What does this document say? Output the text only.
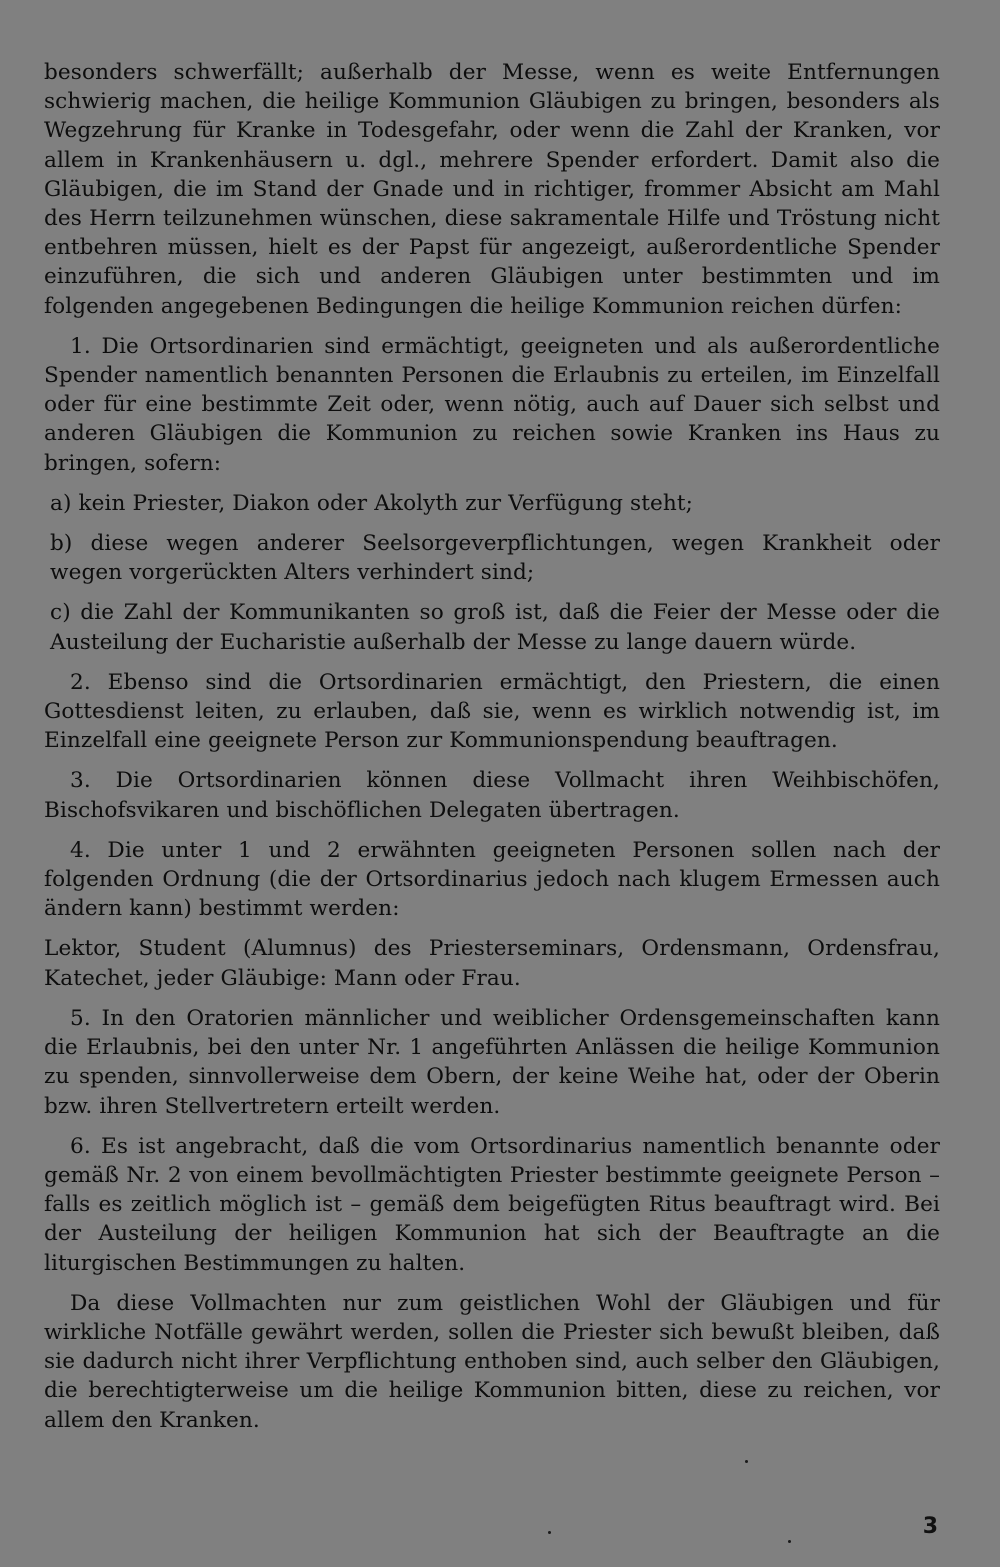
besonders schwerfällt; außerhalb der Messe, wenn es weite Entfernungen schwierig machen, die heilige Kommunion Gläubigen zu bringen, besonders als Wegzehrung für Kranke in Todesgefahr, oder wenn die Zahl der Kranken, vor allem in Krankenhäusern u. dgl., mehrere Spender erfordert. Damit also die Gläubigen, die im Stand der Gnade und in richtiger, frommer Absicht am Mahl des Herrn teilzunehmen wünschen, diese sakramentale Hilfe und Tröstung nicht entbehren müssen, hielt es der Papst für angezeigt, außerordentliche Spender einzuführen, die sich und anderen Gläubigen unter bestimmten und im folgenden angegebenen Bedingungen die heilige Kommunion reichen dürfen:

1. Die Ortsordinarien sind ermächtigt, geeigneten und als außerordentliche Spender namentlich benannten Personen die Erlaubnis zu erteilen, im Einzelfall oder für eine bestimmte Zeit oder, wenn nötig, auch auf Dauer sich selbst und anderen Gläubigen die Kommunion zu reichen sowie Kranken ins Haus zu bringen, sofern:

a) kein Priester, Diakon oder Akolyth zur Verfügung steht;

b) diese wegen anderer Seelsorgeverpflichtungen, wegen Krankheit oder wegen vorgerückten Alters verhindert sind;

c) die Zahl der Kommunikanten so groß ist, daß die Feier der Messe oder die Austeilung der Eucharistie außerhalb der Messe zu lange dauern würde.

2. Ebenso sind die Ortsordinarien ermächtigt, den Priestern, die einen Gottesdienst leiten, zu erlauben, daß sie, wenn es wirklich notwendig ist, im Einzelfall eine geeignete Person zur Kommunionspendung beauftragen.

3. Die Ortsordinarien können diese Vollmacht ihren Weihbischöfen, Bischofsvikaren und bischöflichen Delegaten übertragen.

4. Die unter 1 und 2 erwähnten geeigneten Personen sollen nach der folgenden Ordnung (die der Ortsordinarius jedoch nach klugem Ermessen auch ändern kann) bestimmt werden:

Lektor, Student (Alumnus) des Priesterseminars, Ordensmann, Ordensfrau, Katechet, jeder Gläubige: Mann oder Frau.

5. In den Oratorien männlicher und weiblicher Ordensgemeinschaften kann die Erlaubnis, bei den unter Nr. 1 angeführten Anlässen die heilige Kommunion zu spenden, sinnvollerweise dem Obern, der keine Weihe hat, oder der Oberin bzw. ihren Stellvertretern erteilt werden.

6. Es ist angebracht, daß die vom Ortsordinarius namentlich benannte oder gemäß Nr. 2 von einem bevollmächtigten Priester bestimmte geeignete Person – falls es zeitlich möglich ist – gemäß dem beigefügten Ritus beauftragt wird. Bei der Austeilung der heiligen Kommunion hat sich der Beauftragte an die liturgischen Bestimmungen zu halten.

Da diese Vollmachten nur zum geistlichen Wohl der Gläubigen und für wirkliche Notfälle gewährt werden, sollen die Priester sich bewußt bleiben, daß sie dadurch nicht ihrer Verpflichtung enthoben sind, auch selber den Gläubigen, die berechtigterweise um die heilige Kommunion bitten, diese zu reichen, vor allem den Kranken.

3
